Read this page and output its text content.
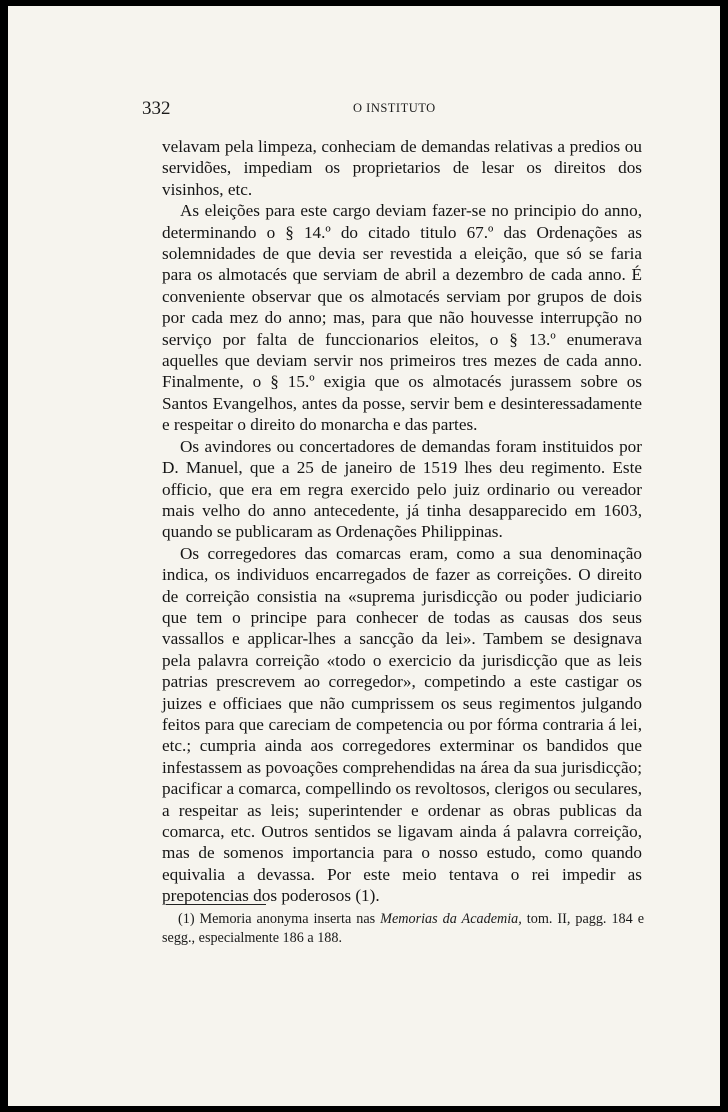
332	O INSTITUTO

velavam pela limpeza, conheciam de demandas relativas a predios ou servidões, impediam os proprietarios de lesar os direitos dos visinhos, etc.

As eleições para este cargo deviam fazer-se no principio do anno, determinando o § 14.º do citado titulo 67.º das Ordenações as solemnidades de que devia ser revestida a eleição, que só se faria para os almotacés que serviam de abril a dezembro de cada anno. É conveniente observar que os almotacés serviam por grupos de dois por cada mez do anno; mas, para que não houvesse interrupção no serviço por falta de funccionarios eleitos, o § 13.º enumerava aquelles que deviam servir nos primeiros tres mezes de cada anno. Finalmente, o § 15.º exigia que os almotacés jurassem sobre os Santos Evangelhos, antes da posse, servir bem e desinteressadamente e respeitar o direito do monarcha e das partes.

Os avindores ou concertadores de demandas foram instituidos por D. Manuel, que a 25 de janeiro de 1519 lhes deu regimento. Este officio, que era em regra exercido pelo juiz ordinario ou vereador mais velho do anno antecedente, já tinha desapparecido em 1603, quando se publicaram as Ordenações Philippinas.

Os corregedores das comarcas eram, como a sua denominação indica, os individuos encarregados de fazer as correições. O direito de correição consistia na «suprema jurisdicção ou poder judiciario que tem o principe para conhecer de todas as causas dos seus vassallos e applicar-lhes a sancção da lei». Tambem se designava pela palavra correição «todo o exercicio da jurisdicção que as leis patrias prescrevem ao corregedor», competindo a este castigar os juizes e officiaes que não cumprissem os seus regimentos julgando feitos para que careciam de competencia ou por fórma contraria á lei, etc.; cumpria ainda aos corregedores exterminar os bandidos que infestassem as povoações comprehendidas na área da sua jurisdicção; pacificar a comarca, compellindo os revoltosos, clerigos ou seculares, a respeitar as leis; superintender e ordenar as obras publicas da comarca, etc. Outros sentidos se ligavam ainda á palavra correição, mas de somenos importancia para o nosso estudo, como quando equivalia a devassa. Por este meio tentava o rei impedir as prepotencias dos poderosos (1).

(1) Memoria anonyma inserta nas Memorias da Academia, tom. II, pagg. 184 e segg., especialmente 186 a 188.
